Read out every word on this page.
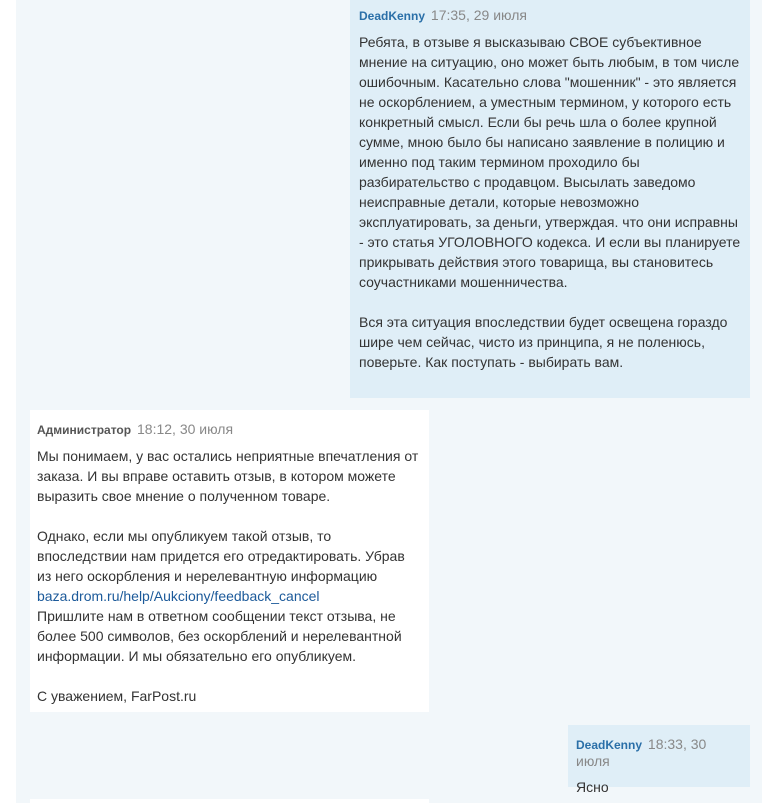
DeadKenny 17:35, 29 июля

Ребята, в отзыве я высказываю СВОЕ субъективное мнение на ситуацию, оно может быть любым, в том числе ошибочным. Касательно слова "мошенник" - это является не оскорблением, а уместным термином, у которого есть конкретный смысл. Если бы речь шла о более крупной сумме, мною было бы написано заявление в полицию и именно под таким термином проходило бы разбирательство с продавцом. Высылать заведомо неисправные детали, которые невозможно эксплуатировать, за деньги, утверждая. что они исправны - это статья УГОЛОВНОГО кодекса. И если вы планируете прикрывать действия этого товарища, вы становитесь соучастниками мошенничества.

Вся эта ситуация впоследствии будет освещена гораздо шире чем сейчас, чисто из принципа, я не поленюсь, поверьте. Как поступать - выбирать вам.

Администратор 18:12, 30 июля

Мы понимаем, у вас остались неприятные впечатления от заказа. И вы вправе оставить отзыв, в котором можете выразить свое мнение о полученном товаре.

Однако, если мы опубликуем такой отзыв, то впоследствии нам придется его отредактировать. Убрав из него оскорбления и нерелевантную информацию
baza.drom.ru/help/Aukciony/feedback_cancel
Пришлите нам в ответном сообщении текст отзыва, не более 500 символов, без оскорблений и нерелевантной информации. И мы обязательно его опубликуем.

С уважением, FarPost.ru

DeadKenny 18:33, 30 июля

Ясно
